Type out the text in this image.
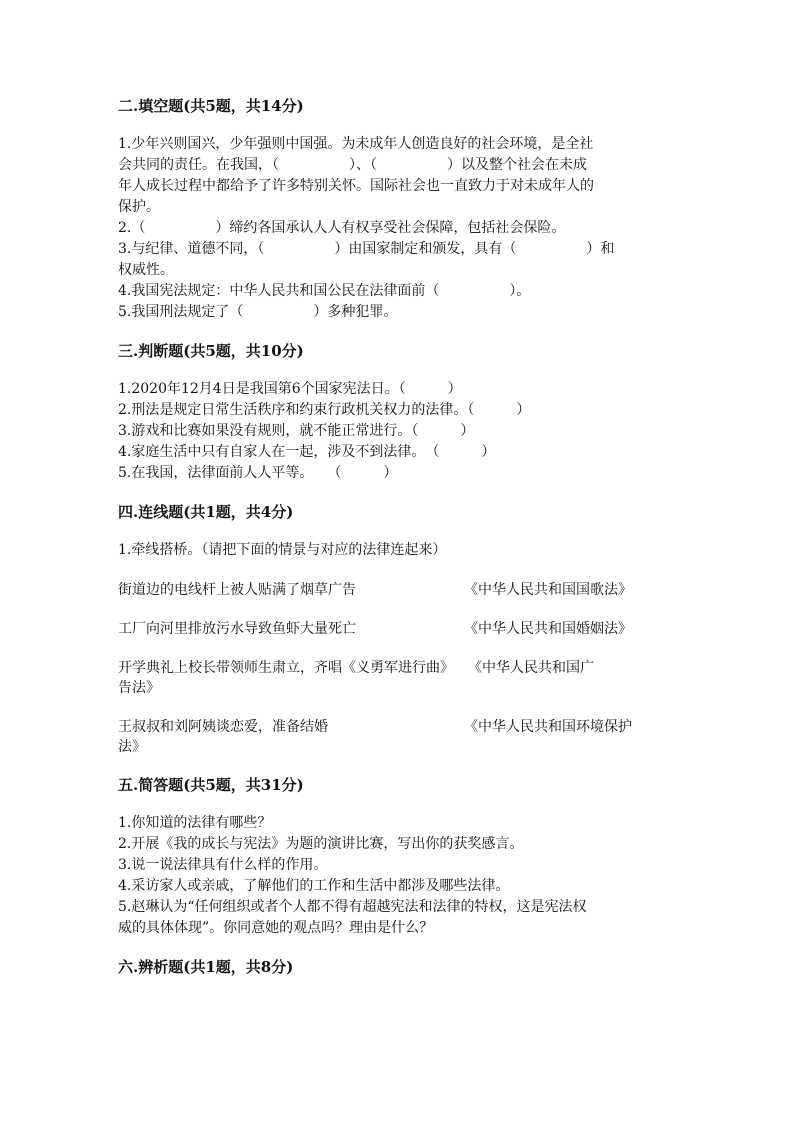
二.填空题(共5题，共14分)

1.少年兴则国兴，少年强则中国强。为未成年人创造良好的社会环境，是全社

会共同的责任。在我国，（　　　　　）、（　　　　　）以及整个社会在未成

年人成长过程中都给予了许多特别关怀。国际社会也一直致力于对未成年人的

保护。

2.（　　　　　）缔约各国承认人人有权享受社会保障，包括社会保险。

3.与纪律、道德不同，（　　　　　）由国家制定和颁发，具有（　　　　　）和

权威性。

4.我国宪法规定：中华人民共和国公民在法律面前（　　　　　）。

5.我国刑法规定了（　　　　　）多种犯罪。

三.判断题(共5题，共10分)

1.2020年12月4日是我国第6个国家宪法日。（　　　）

2.刑法是规定日常生活秩序和约束行政机关权力的法律。（　　　）

3.游戏和比赛如果没有规则，就不能正常进行。（　　　）

4.家庭生活中只有自家人在一起，涉及不到法律。　（　　　）

5.在我国，法律面前人人平等。　　（　　　）

四.连线题(共1题，共4分)

1.牵线搭桥。（请把下面的情景与对应的法律连起来）

街道边的电线杆上被人贴满了烟草广告	《中华人民共和国国歌法》
工厂向河里排放污水导致鱼虾大量死亡	《中华人民共和国婚姻法》
开学典礼上校长带领师生肃立，齐唱《义勇军进行曲》　　《中华人民共和国广
告法》
王叔叔和刘阿姨谈恋爱，准备结婚	《中华人民共和国环境保护
法》

五.简答题(共5题，共31分)

1.你知道的法律有哪些？

2.开展《我的成长与宪法》为题的演讲比赛，写出你的获奖感言。

3.说一说法律具有什么样的作用。

4.采访家人或亲戚，了解他们的工作和生活中都涉及哪些法律。

5.赵琳认为“任何组织或者个人都不得有超越宪法和法律的特权，这是宪法权

威的具体体现”。你同意她的观点吗？理由是什么？

六.辨析题(共1题，共8分)
